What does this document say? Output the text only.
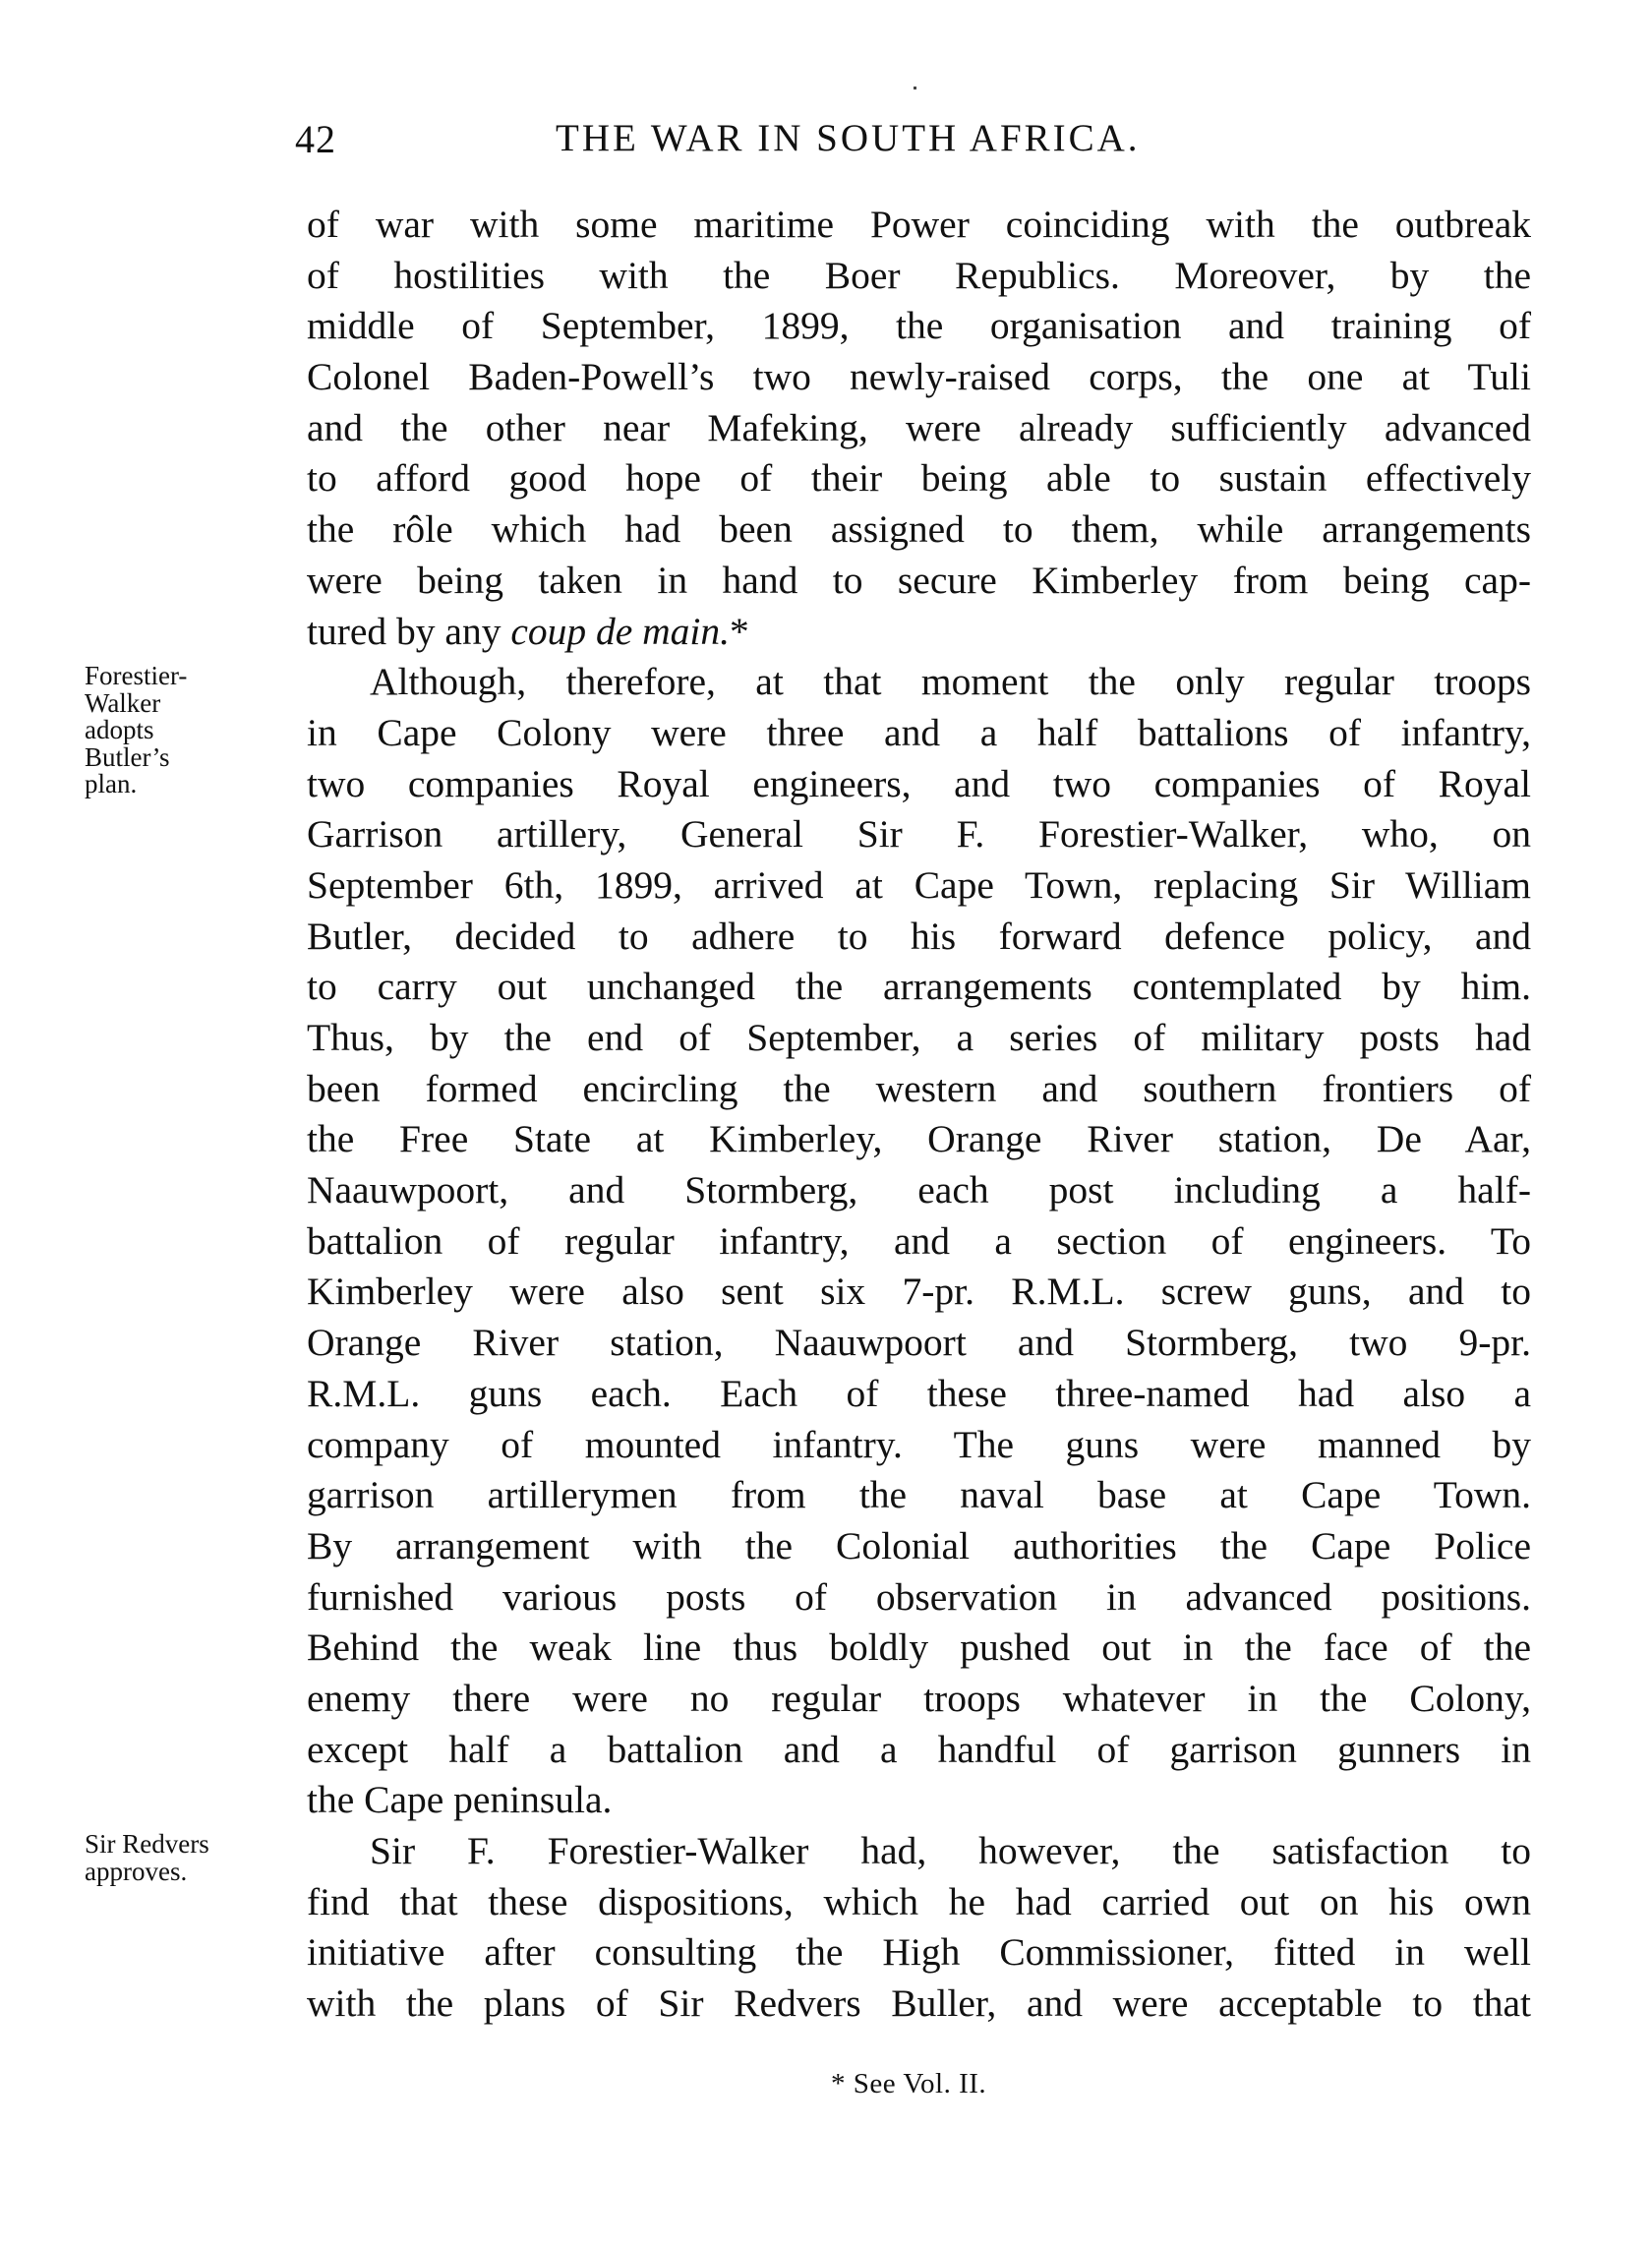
42	THE WAR IN SOUTH AFRICA.
Forestier-
Walker
adopts
Butler’s
plan.
Sir Redvers
approves.
of war with some maritime Power coinciding with the outbreak
of hostilities with the Boer Republics. Moreover, by the
middle of September, 1899, the organisation and training of
Colonel Baden-Powell’s two newly-raised corps, the one at Tuli
and the other near Mafeking, were already sufficiently advanced
to afford good hope of their being able to sustain effectively
the rôle which had been assigned to them, while arrangements
were being taken in hand to secure Kimberley from being cap-
tured by any coup de main.*
Although, therefore, at that moment the only regular troops
in Cape Colony were three and a half battalions of infantry,
two companies Royal engineers, and two companies of Royal
Garrison artillery, General Sir F. Forestier-Walker, who, on
September 6th, 1899, arrived at Cape Town, replacing Sir William
Butler, decided to adhere to his forward defence policy, and
to carry out unchanged the arrangements contemplated by him.
Thus, by the end of September, a series of military posts had
been formed encircling the western and southern frontiers of
the Free State at Kimberley, Orange River station, De Aar,
Naauwpoort, and Stormberg, each post including a half-
battalion of regular infantry, and a section of engineers. To
Kimberley were also sent six 7-pr. R.M.L. screw guns, and to
Orange River station, Naauwpoort and Stormberg, two 9-pr.
R.M.L. guns each. Each of these three-named had also a
company of mounted infantry. The guns were manned by
garrison artillerymen from the naval base at Cape Town.
By arrangement with the Colonial authorities the Cape Police
furnished various posts of observation in advanced positions.
Behind the weak line thus boldly pushed out in the face of the
enemy there were no regular troops whatever in the Colony,
except half a battalion and a handful of garrison gunners in
the Cape peninsula.
Sir F. Forestier-Walker had, however, the satisfaction to
find that these dispositions, which he had carried out on his own
initiative after consulting the High Commissioner, fitted in well
with the plans of Sir Redvers Buller, and were acceptable to that
* See Vol. II.
